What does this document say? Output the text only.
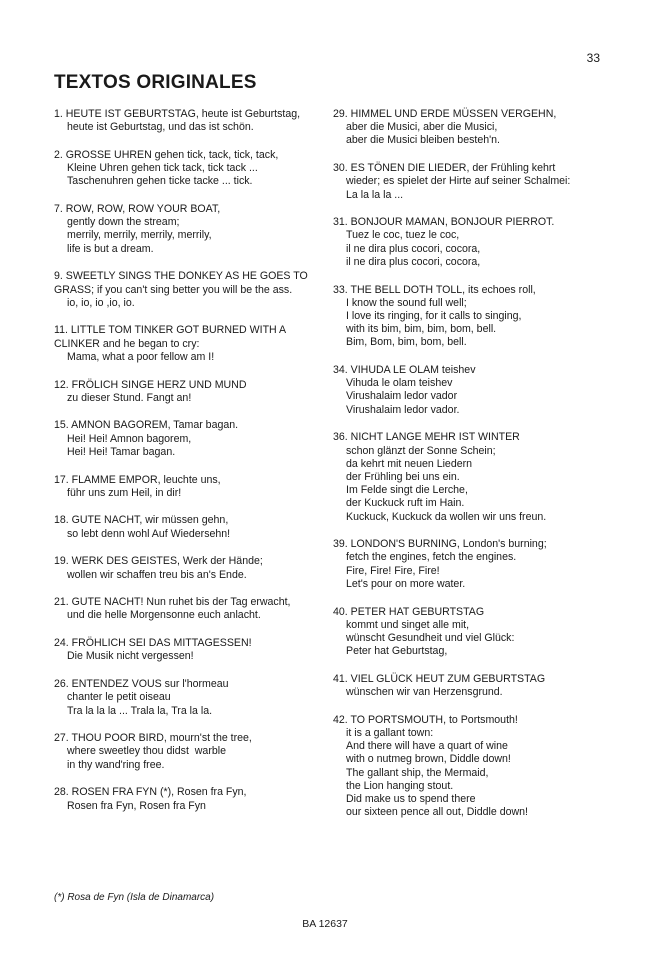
33
TEXTOS ORIGINALES
1. HEUTE IST GEBURTSTAG, heute ist Geburtstag,
heute ist Geburtstag, und das ist schön.
2. GROSSE UHREN gehen tick, tack, tick, tack,
Kleine Uhren gehen tick tack, tick tack ...
Taschenuhren gehen ticke tacke ... tick.
7. ROW, ROW, ROW YOUR BOAT,
gently down the stream;
merrily, merrily, merrily, merrily,
life is but a dream.
9. SWEETLY SINGS THE DONKEY AS HE GOES TO
GRASS; if you can't sing better you will be the ass.
io, io, io ,io, io.
11. LITTLE TOM TINKER GOT BURNED WITH A
CLINKER and he began to cry:
Mama, what a poor fellow am I!
12. FRÖLICH SINGE HERZ UND MUND
zu dieser Stund. Fangt an!
15. AMNON BAGOREM, Tamar bagan.
Hei! Hei! Amnon bagorem,
Hei! Hei! Tamar bagan.
17. FLAMME EMPOR, leuchte uns,
führ uns zum Heil, in dir!
18. GUTE NACHT, wir müssen gehn,
so lebt denn wohl Auf Wiedersehn!
19. WERK DES GEISTES, Werk der Hände;
wollen wir schaffen treu bis an's Ende.
21. GUTE NACHT! Nun ruhet bis der Tag erwacht,
und die helle Morgensonne euch anlacht.
24. FRÖHLICH SEI DAS MITTAGESSEN!
Die Musik nicht vergessen!
26. ENTENDEZ VOUS sur l'hormeau
chanter le petit oiseau
Tra la la la ... Trala la, Tra la la.
27. THOU POOR BIRD, mourn'st the tree,
where sweetley thou didst  warble
in thy wand'ring free.
28. ROSEN FRA FYN (*), Rosen fra Fyn,
Rosen fra Fyn, Rosen fra Fyn
29. HIMMEL UND ERDE MÜSSEN VERGEHN,
aber die Musici, aber die Musici,
aber die Musici bleiben besteh'n.
30. ES TÖNEN DIE LIEDER, der Frühling kehrt
wieder; es spielet der Hirte auf seiner Schalmei:
La la la la ...
31. BONJOUR MAMAN, BONJOUR PIERROT.
Tuez le coc, tuez le coc,
il ne dira plus cocori, cocora,
il ne dira plus cocori, cocora,
33. THE BELL DOTH TOLL, its echoes roll,
I know the sound full well;
I love its ringing, for it calls to singing,
with its bim, bim, bim, bom, bell.
Bim, Bom, bim, bom, bell.
34. VIHUDA LE OLAM teishev
Vihuda le olam teishev
Virushalaim ledor vador
Virushalaim ledor vador.
36. NICHT LANGE MEHR IST WINTER
schon glänzt der Sonne Schein;
da kehrt mit neuen Liedern
der Frühling bei uns ein.
Im Felde singt die Lerche,
der Kuckuck ruft im Hain.
Kuckuck, Kuckuck da wollen wir uns freun.
39. LONDON'S BURNING, London's burning;
fetch the engines, fetch the engines.
Fire, Fire! Fire, Fire!
Let's pour on more water.
40. PETER HAT GEBURTSTAG
kommt und singet alle mit,
wünscht Gesundheit und viel Glück:
Peter hat Geburtstag,
41. VIEL GLÜCK HEUT ZUM GEBURTSTAG
wünschen wir van Herzensgrund.
42. TO PORTSMOUTH, to Portsmouth!
it is a gallant town:
And there will have a quart of wine
with o nutmeg brown, Diddle down!
The gallant ship, the Mermaid,
the Lion hanging stout.
Did make us to spend there
our sixteen pence all out, Diddle down!
(*) Rosa de Fyn (Isla de Dinamarca)
BA 12637
